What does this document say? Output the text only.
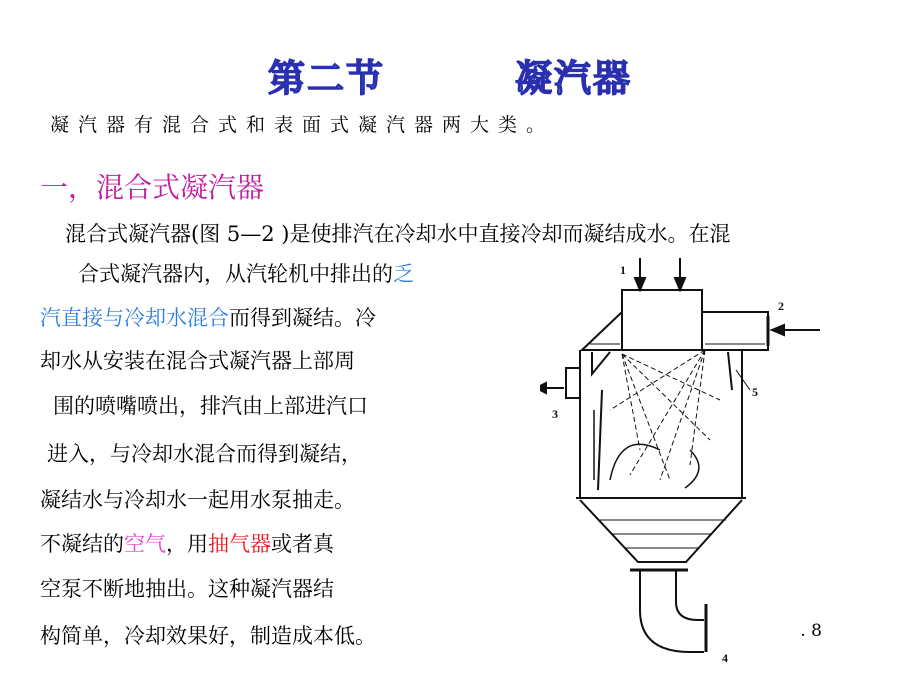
第二节	凝汽器
凝汽器有混合式和表面式凝汽器两大类。
一，混合式凝汽器
混合式凝汽器(图 5—2 )是使排汽在冷却水中直接冷却而凝结成水。在混
合式凝汽器内，从汽轮机中排出的乏
汽直接与冷却水混合而得到凝结。冷
却水从安装在混合式凝汽器上部周
围的喷嘴喷出，排汽由上部进汽口
进入，与冷却水混合而得到凝结，
凝结水与冷却水一起用水泵抽走。
不凝结的空气，用抽气器或者真
空泵不断地抽出。这种凝汽器结
构简单，冷却效果好，制造成本低。
1
2
3
4
5
. 8
